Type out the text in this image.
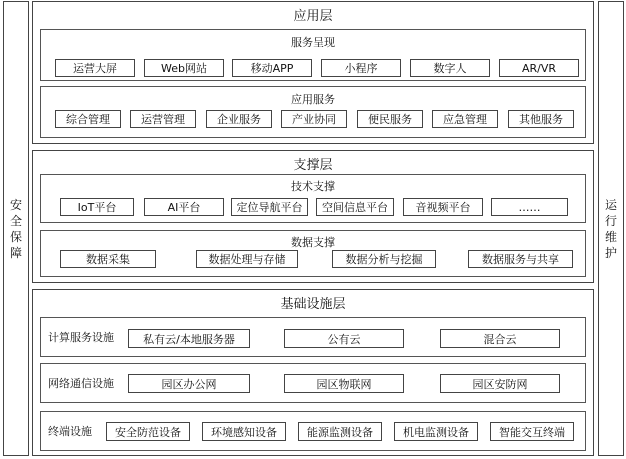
安
全
保
障
运
行
维
护
应用层
服务呈现
运营大屏	Web网站	移动APP	小程序	数字人	AR/VR
应用服务
综合管理	运营管理	企业服务	产业协同	便民服务	应急管理	其他服务
支撑层
技术支撑
IoT平台	AI平台	定位导航平台	空间信息平台	音视频平台	……
数据支撑
数据采集	数据处理与存储	数据分析与挖掘	数据服务与共享
基础设施层
计算服务设施	私有云/本地服务器	公有云	混合云
网络通信设施	园区办公网	园区物联网	园区安防网
终端设施	安全防范设备	环境感知设备	能源监测设备	机电监测设备	智能交互终端
